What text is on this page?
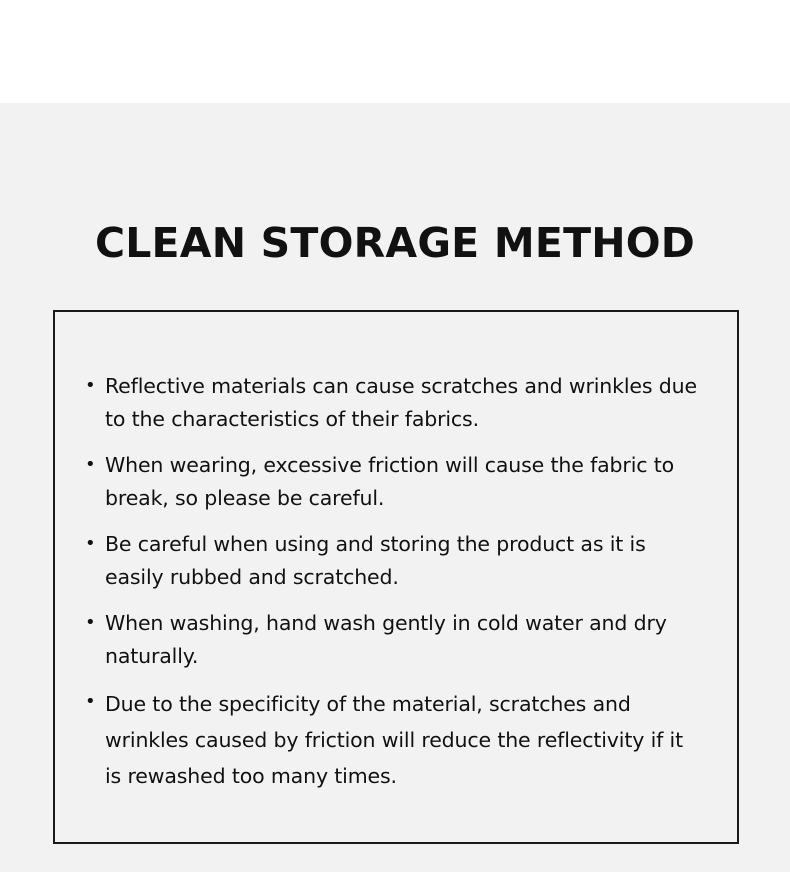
CLEAN STORAGE METHOD
• Reflective materials can cause scratches and wrinkles due to the characteristics of their fabrics.
• When wearing, excessive friction will cause the fabric to break, so please be careful.
• Be careful when using and storing the product as it is easily rubbed and scratched.
• When washing, hand wash gently in cold water and dry naturally.
• Due to the specificity of the material, scratches and wrinkles caused by friction will reduce the reflectivity if it is rewashed too many times.
